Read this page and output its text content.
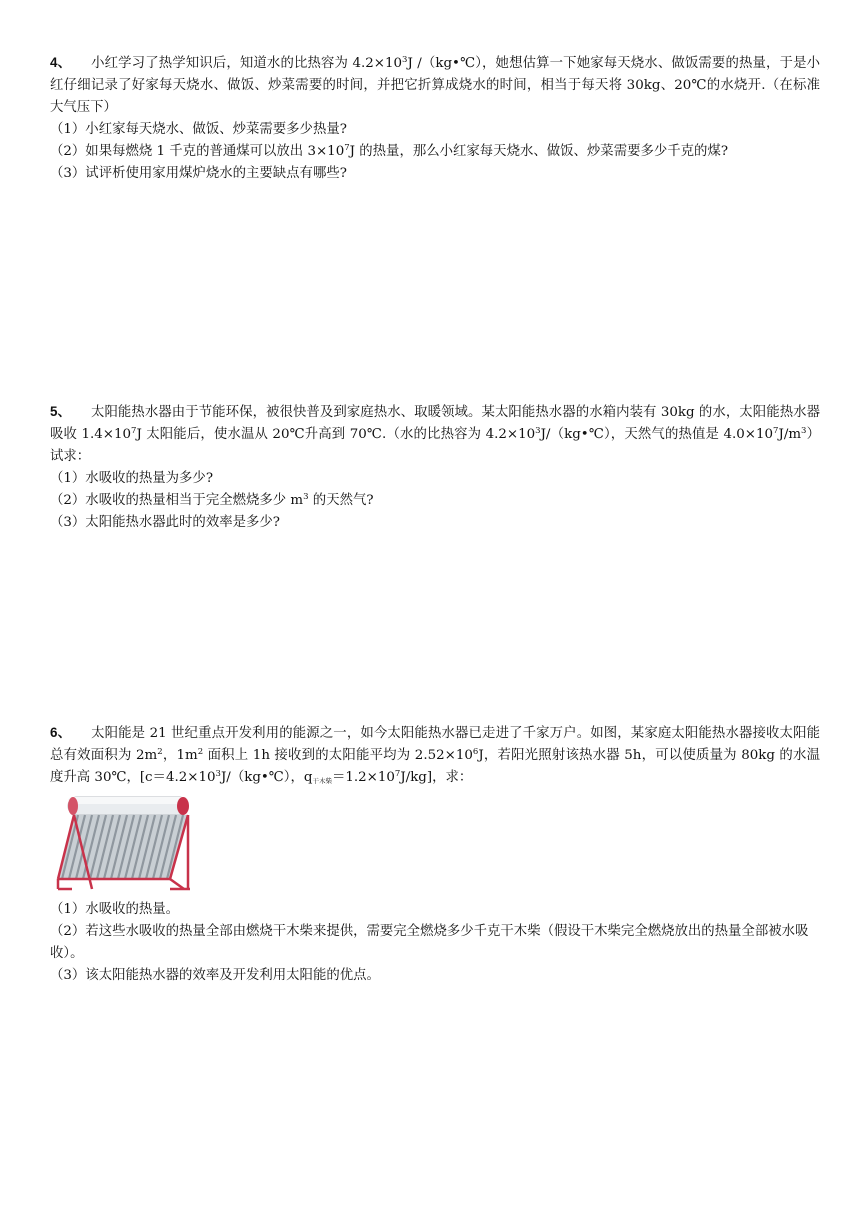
4、 小红学习了热学知识后，知道水的比热容为 $4.2\times 10^3J$ /（kg•℃），她想估算一下她家每天烧水、做饭需要的热量，于是小红仔细记录了好家每天烧水、做饭、炒菜需要的时间，并把它折算成烧水的时间，相当于每天将 30kg、20℃的水烧开.（在标准大气压下）

（1）小红家每天烧水、做饭、炒菜需要多少热量?

（2）如果每燃烧 1 千克的普通煤可以放出 $3\times 10^7J$ 的热量，那么小红家每天烧水、做饭、炒菜需要多少千克的煤?

（3）试评析使用家用煤炉烧水的主要缺点有哪些?

5、 太阳能热水器由于节能环保，被很快普及到家庭热水、取暖领域。某太阳能热水器的水箱内装有 30kg 的水，太阳能热水器吸收 $1.4\times 10^7J$ 太阳能后，使水温从 20℃升高到 70℃.（水的比热容为 $4.2\times 10^3J/(kg•℃)$，天然气的热值是 $4.0\times 10^7J/m^3$）试求：

（1）水吸收的热量为多少?

（2）水吸收的热量相当于完全燃烧多少 $m^3$ 的天然气?

（3）太阳能热水器此时的效率是多少?

6、 太阳能是 21 世纪重点开发利用的能源之一，如今太阳能热水器已走进了千家万户。如图，某家庭太阳能热水器接收太阳能总有效面积为 $2m^2$，$1m^2$ 面积上 1h 接收到的太阳能平均为 $2.52\times 10^6J$，若阳光照射该热水器 5h，可以使质量为 80kg 的水温度升高 30℃，[$c=4.2\times 10^3J/(kg•℃)$，$q_{干木柴}=1.2\times 10^7J/kg$]，求：

（1）水吸收的热量。

（2）若这些水吸收的热量全部由燃烧干木柴来提供，需要完全燃烧多少千克干木柴（假设干木柴完全燃烧放出的热量全部被水吸收）。

（3）该太阳能热水器的效率及开发利用太阳能的优点。
